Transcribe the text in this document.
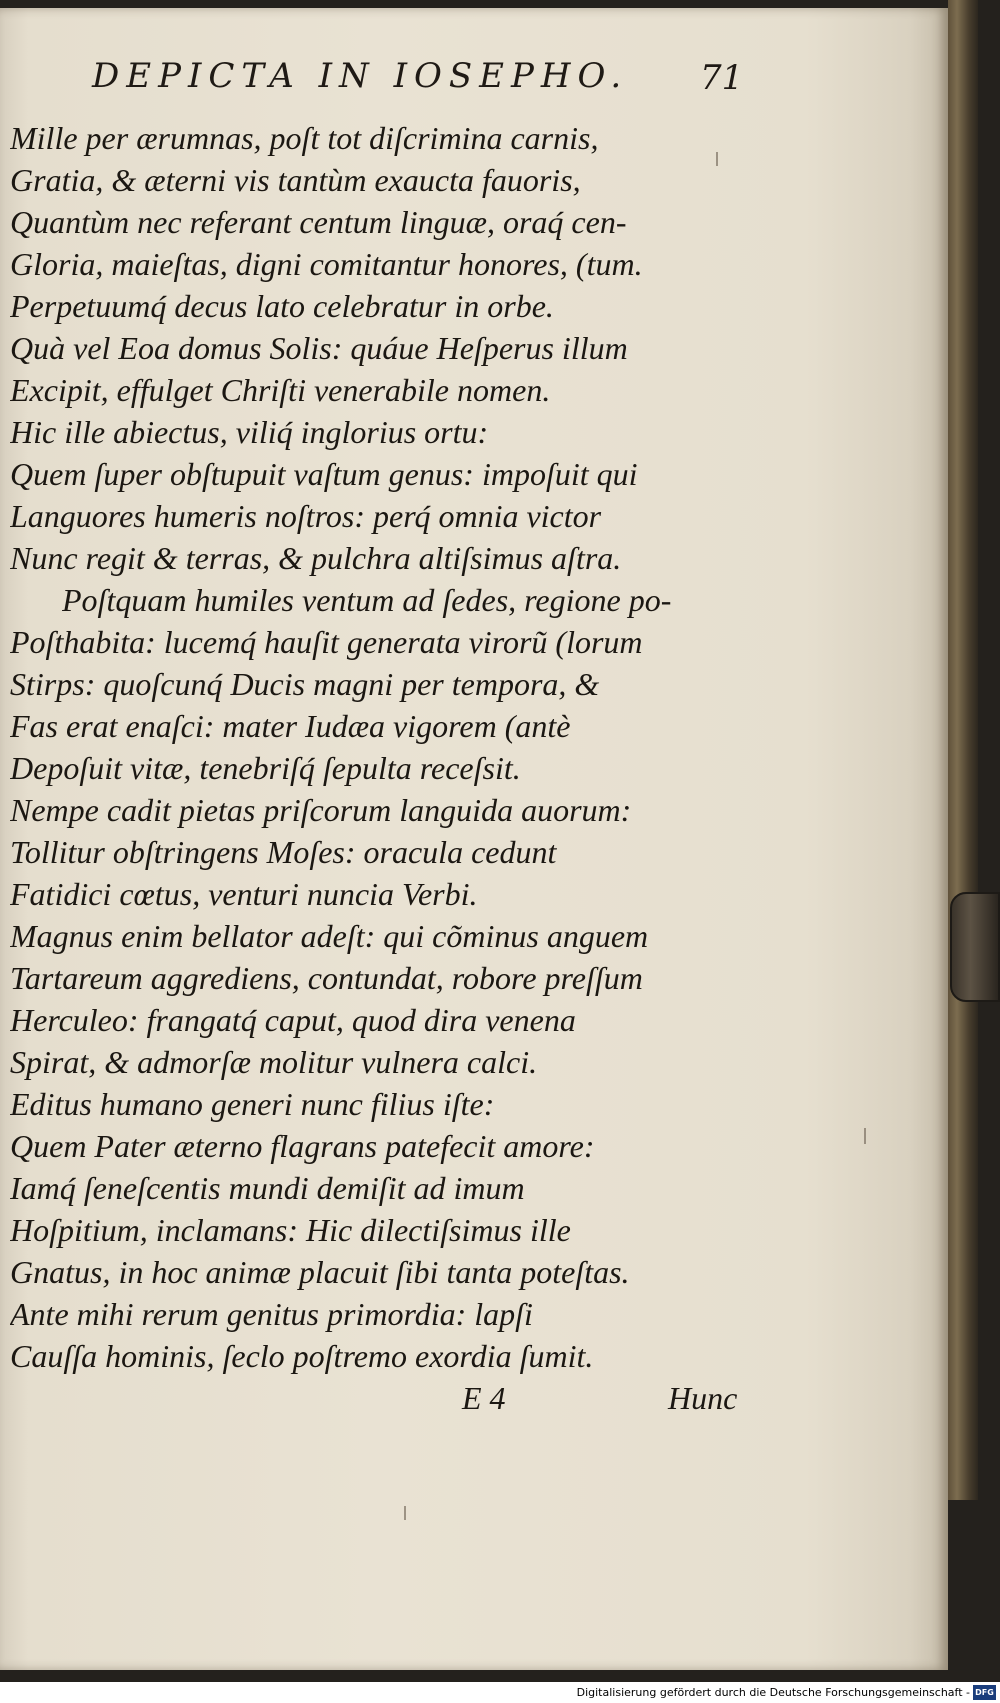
DEPICTA IN IOSEPHO.	71
Mille per ærumnas, poſt tot diſcrimina carnis,
Gratia, & æterni vis tantùm exaucta fauoris,
Quantùm nec referant centum linguæ, oraq́ cen-
Gloria, maieſtas, digni comitantur honores, (tum.
Perpetuumq́ decus lato celebratur in orbe.
Quà vel Eoa domus Solis: quáue Heſperus illum
Excipit, effulget Chriſti venerabile nomen.
Hic ille abiectus, viliq́ inglorius ortu:
Quem ſuper obſtupuit vaſtum genus: impoſuit qui
Languores humeris noſtros: perq́ omnia victor
Nunc regit & terras, & pulchra altiſsimus aſtra.
Poſtquam humiles ventum ad ſedes, regione po-
Poſthabita: lucemq́ hauſit generata virorũ (lorum
Stirps: quoſcunq́ Ducis magni per tempora, &
Fas erat enaſci: mater Iudæa vigorem (antè
Depoſuit vitæ, tenebriſq́ ſepulta receſsit.
Nempe cadit pietas priſcorum languida auorum:
Tollitur obſtringens Moſes: oracula cedunt
Fatidici cœtus, venturi nuncia Verbi.
Magnus enim bellator adeſt: qui cõminus anguem
Tartareum aggrediens, contundat, robore preſſum
Herculeo: frangatq́ caput, quod dira venena
Spirat, & admorſæ molitur vulnera calci.
Editus humano generi nunc filius iſte:
Quem Pater æterno flagrans patefecit amore:
Iamq́ ſeneſcentis mundi demiſit ad imum
Hoſpitium, inclamans: Hic dilectiſsimus ille
Gnatus, in hoc animæ placuit ſibi tanta poteſtas.
Ante mihi rerum genitus primordia: lapſi
Cauſſa hominis, ſeclo poſtremo exordia ſumit.
E 4	Hunc
Digitalisierung gefördert durch die Deutsche Forschungsgemeinschaft - DFG
